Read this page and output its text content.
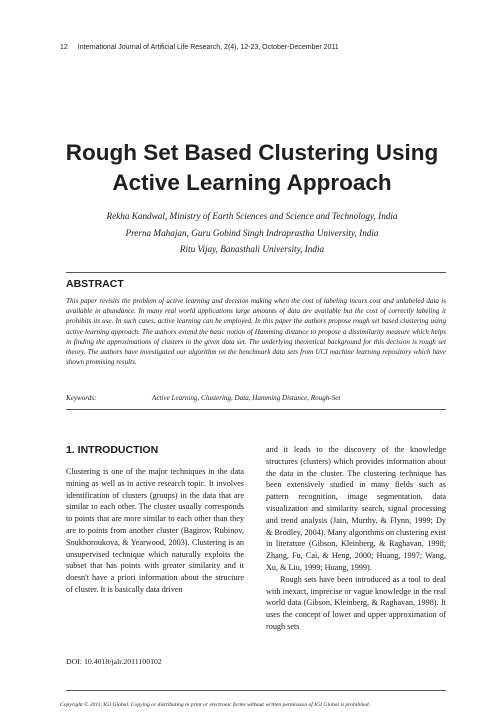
12 International Journal of Artificial Life Research, 2(4), 12-23, October-December 2011
Rough Set Based Clustering Using Active Learning Approach
Rekha Kandwal, Ministry of Earth Sciences and Science and Technology, India
Prerna Mahajan, Guru Gobind Singh Indraprastha University, India
Ritu Vijay, Banasthali University, India
ABSTRACT

This paper revisits the problem of active learning and decision making when the cost of labeling incurs cost and unlabeled data is available in abundance. In many real world applications large amounts of data are available but the cost of correctly labeling it prohibits its use. In such cases, active learning can be employed. In this paper the authors propose rough set based clustering using active learning approach. The authors extend the basic notion of Hamming distance to propose a dissimilarity measure which helps in finding the approximations of clusters in the given data set. The underlying theoretical background for this decision is rough set theory. The authors have investigated our algorithm on the benchmark data sets from UCI machine learning repository which have shown promising results.

Keywords:	Active Learning, Clustering, Data, Hamming Distance, Rough-Set
1. INTRODUCTION

Clustering is one of the major techniques in the data mining as well as in active research topic. It involves identification of clusters (groups) in the data that are similar to each other. The cluster usually corresponds to points that are more similar to each other than they are to points from another cluster (Bagirov, Rubinov, Soukhoroukova, & Yearwood, 2003). Clustering is an unsupervised technique which naturally exploits the subset that has points with greater similarity and it doesn't have a priori information about the structure of cluster. It is basically data driven

and it leads to the discovery of the knowledge structures (clusters) which provides information about the data in the cluster. The clustering technique has been extensively studied in many fields such as pattern recognition, image segmentation, data visualization and similarity search, signal processing and trend analysis (Jain, Murthy, & Flynn, 1999; Dy & Brodley, 2004). Many algorithms on clustering exist in literature (Gibson, Kleinberg, & Raghavan, 1998; Zhang, Fu, Cai, & Heng, 2000; Huang, 1997; Wang, Xu, & Liu, 1999; Huang, 1999).

Rough sets have been introduced as a tool to deal with inexact, imprecise or vague knowledge in the real world data (Gibson, Kleinberg, & Raghavan, 1998). It uses the concept of lower and upper approximation of rough sets

DOI: 10.4018/jalr.2011100102
Copyright © 2011, IGI Global. Copying or distributing in print or electronic forms without written permission of IGI Global is prohibited.
